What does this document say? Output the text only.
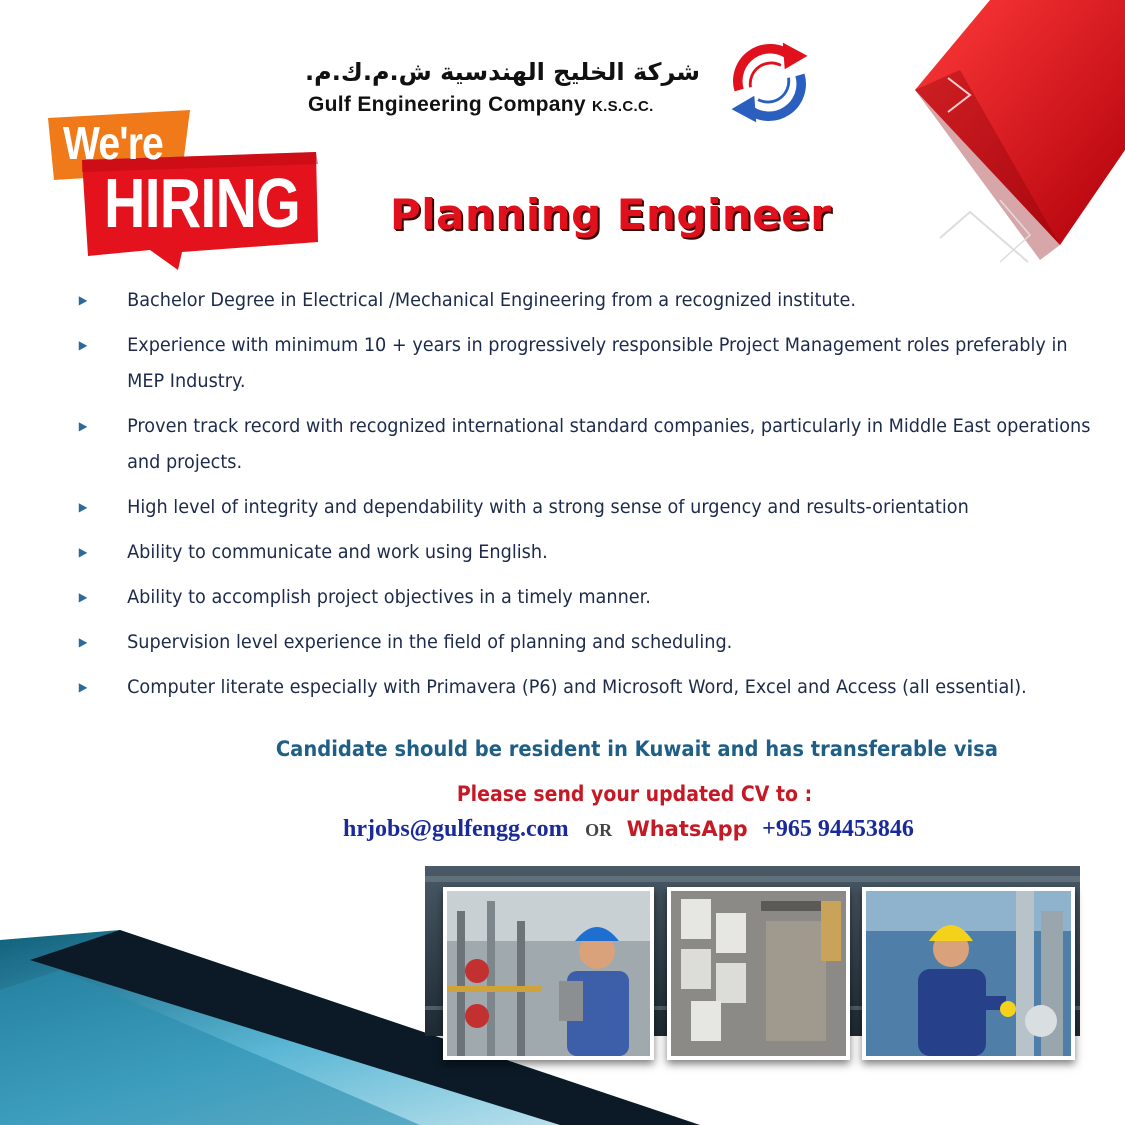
شركة الخليج الهندسية ش.م.ك.م.
Gulf Engineering Company K.S.C.C.
We're
HIRING Planning Engineer
▶ Bachelor Degree in Electrical /Mechanical Engineering from a recognized institute.
▶ Experience with minimum 10 + years in progressively responsible Project Management roles preferably in MEP Industry.
▶ Proven track record with recognized international standard companies, particularly in Middle East operations and projects.
▶ High level of integrity and dependability with a strong sense of urgency and results-orientation
▶ Ability to communicate and work using English.
▶ Ability to accomplish project objectives in a timely manner.
▶ Supervision level experience in the field of planning and scheduling.
▶ Computer literate especially with Primavera (P6) and Microsoft Word, Excel and Access (all essential).
Candidate should be resident in Kuwait and has transferable visa
Please send your updated CV to :
hrjobs@gulfengg.com OR WhatsApp +965 94453846
